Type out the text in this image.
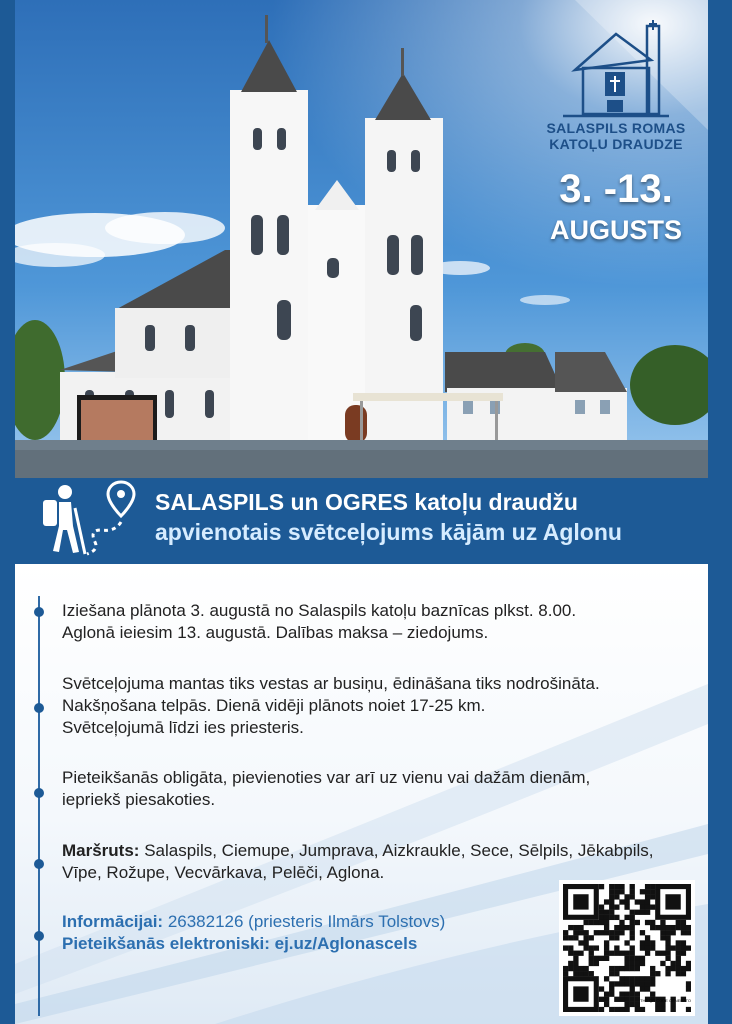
SALASPILS ROMAS
KATOĻU DRAUDZE
3. -13.
AUGUSTS
SALASPILS un OGRES katoļu draudžu
apvienotais svētceļojums kājām uz Aglonu
Iziešana plānota 3. augustā no Salaspils katoļu baznīcas plkst. 8.00.
Aglonā ieiesim 13. augustā. Dalības maksa – ziedojums.
Svētceļojuma mantas tiks vestas ar busiņu, ēdināšana tiks nodrošināta.
Nakšņošana telpās. Dienā vidēji plānots noiet 17-25 km.
Svētceļojumā līdzi ies priesteris.
Pieteikšanās obligāta, pievienoties var arī uz vienu vai dažām dienām,
iepriekš piesakoties.
Maršruts: Salaspils, Ciemupe, Jumprava, Aizkraukle, Sece, Sēlpils, Jēkabpils,
Vīpe, Rožupe, Vecvārkava, Pelēči, Aglona.
Informācijai: 26382126 (priesteris Ilmārs Tolstovs)
Pieteikšanās elektroniski: ej.uz/Aglonascels
THE QR CODE GENERATOR
